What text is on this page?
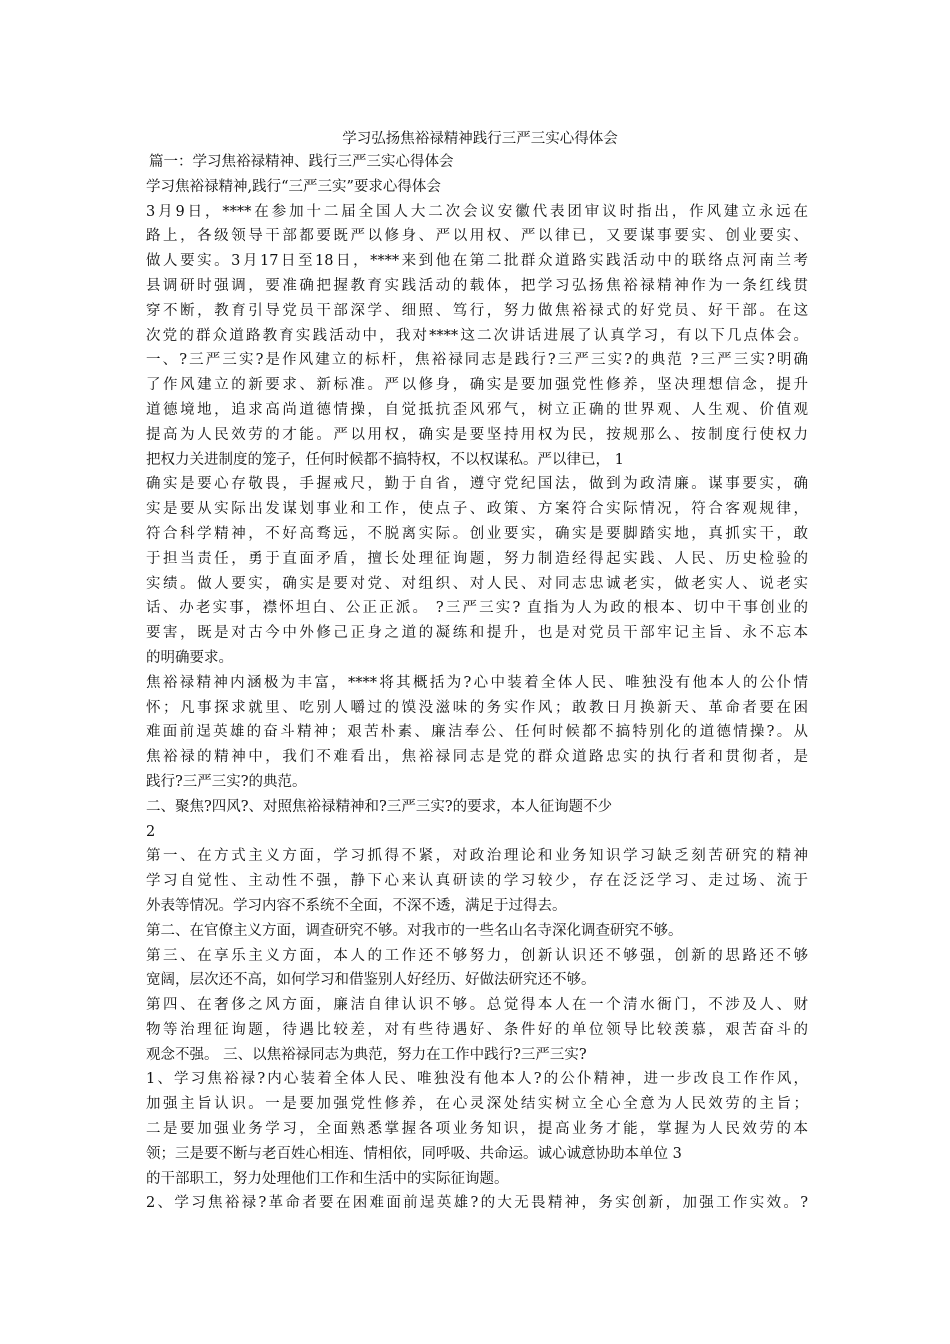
学习弘扬焦裕禄精神践行三严三实心得体会
篇一：学习焦裕禄精神、践行三严三实心得体会
学习焦裕禄精神,践行“三严三实”要求心得体会
3月9日，****在参加十二届全国人大二次会议安徽代表团审议时指出，作风建立永远在
路上，各级领导干部都要既严以修身、严以用权、严以律已，又要谋事要实、创业要实、
做人要实。3月17日至18日，****来到他在第二批群众道路实践活动中的联络点河南兰考
县调研时强调，要准确把握教育实践活动的载体，把学习弘扬焦裕禄精神作为一条红线贯
穿不断，教育引导党员干部深学、细照、笃行，努力做焦裕禄式的好党员、好干部。在这
次党的群众道路教育实践活动中，我对****这二次讲话进展了认真学习，有以下几点体会。
一、?三严三实?是作风建立的标杆，焦裕禄同志是践行?三严三实?的典范 ?三严三实?明确
了作风建立的新要求、新标准。严以修身，确实是要加强党性修养，坚决理想信念，提升
道德境地，追求高尚道德情操，自觉抵抗歪风邪气，树立正确的世界观、人生观、价值观
提高为人民效劳的才能。严以用权，确实是要坚持用权为民，按规那么、按制度行使权力
把权力关进制度的笼子，任何时候都不搞特权，不以权谋私。严以律已， 1
确实是要心存敬畏，手握戒尺，勤于自省，遵守党纪国法，做到为政清廉。谋事要实，确
实是要从实际出发谋划事业和工作，使点子、政策、方案符合实际情况，符合客观规律，
符合科学精神，不好高骛远，不脱离实际。创业要实，确实是要脚踏实地，真抓实干，敢
于担当责任，勇于直面矛盾，擅长处理征询题，努力制造经得起实践、人民、历史检验的
实绩。做人要实，确实是要对党、对组织、对人民、对同志忠诚老实，做老实人、说老实
话、办老实事，襟怀坦白、公正正派。 ?三严三实? 直指为人为政的根本、切中干事创业的
要害，既是对古今中外修己正身之道的凝练和提升，也是对党员干部牢记主旨、永不忘本
的明确要求。
焦裕禄精神内涵极为丰富，****将其概括为?心中装着全体人民、唯独没有他本人的公仆情
怀；凡事探求就里、吃别人嚼过的馍没滋味的务实作风；敢教日月换新天、革命者要在困
难面前逞英雄的奋斗精神；艰苦朴素、廉洁奉公、任何时候都不搞特别化的道德情操?。从
焦裕禄的精神中，我们不难看出，焦裕禄同志是党的群众道路忠实的执行者和贯彻者，是
践行?三严三实?的典范。
二、聚焦?四风?、对照焦裕禄精神和?三严三实?的要求，本人征询题不少
2
第一、在方式主义方面，学习抓得不紧，对政治理论和业务知识学习缺乏刻苦研究的精神
学习自觉性、主动性不强，静下心来认真研读的学习较少，存在泛泛学习、走过场、流于
外表等情况。学习内容不系统不全面，不深不透，满足于过得去。
第二、在官僚主义方面，调查研究不够。对我市的一些名山名寺深化调查研究不够。
第三、在享乐主义方面，本人的工作还不够努力，创新认识还不够强，创新的思路还不够
宽阔，层次还不高，如何学习和借鉴别人好经历、好做法研究还不够。
第四、在奢侈之风方面，廉洁自律认识不够。总觉得本人在一个清水衙门，不涉及人、财
物等治理征询题，待遇比较差，对有些待遇好、条件好的单位领导比较羡慕，艰苦奋斗的
观念不强。 三、以焦裕禄同志为典范，努力在工作中践行?三严三实?
1、学习焦裕禄?内心装着全体人民、唯独没有他本人?的公仆精神，进一步改良工作作风，
加强主旨认识。一是要加强党性修养，在心灵深处结实树立全心全意为人民效劳的主旨；
二是要加强业务学习，全面熟悉掌握各项业务知识，提高业务才能，掌握为人民效劳的本
领；三是要不断与老百姓心相连、情相依，同呼吸、共命运。诚心诚意协助本单位 3
的干部职工，努力处理他们工作和生活中的实际征询题。
2、学习焦裕禄?革命者要在困难面前逞英雄?的大无畏精神，务实创新，加强工作实效。?
